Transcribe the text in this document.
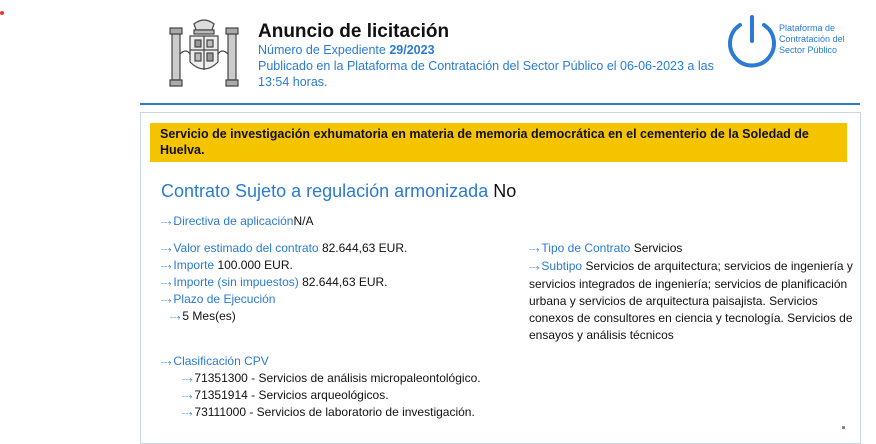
Anuncio de licitación
Número de Expediente 29/2023
Publicado en la Plataforma de Contratación del Sector Público el 06-06-2023 a las 13:54 horas.
Plataforma de Contratación del Sector Público
Servicio de investigación exhumatoria en materia de memoria democrática en el cementerio de la Soledad de Huelva.
Contrato Sujeto a regulación armonizada No
⤏ Directiva de aplicaciónN/A
⤏ Valor estimado del contrato 82.644,63 EUR.
⤏ Importe 100.000 EUR.
⤏ Importe (sin impuestos) 82.644,63 EUR.
⤏ Plazo de Ejecución
⤏ 5 Mes(es)
⤏ Tipo de Contrato Servicios
⤏ Subtipo Servicios de arquitectura; servicios de ingeniería y servicios integrados de ingeniería; servicios de planificación urbana y servicios de arquitectura paisajista. Servicios conexos de consultores en ciencia y tecnología. Servicios de ensayos y análisis técnicos
⤏ Clasificación CPV
⤏ 71351300 - Servicios de análisis micropaleontológico.
⤏ 71351914 - Servicios arqueológicos.
⤏ 73111000 - Servicios de laboratorio de investigación.
